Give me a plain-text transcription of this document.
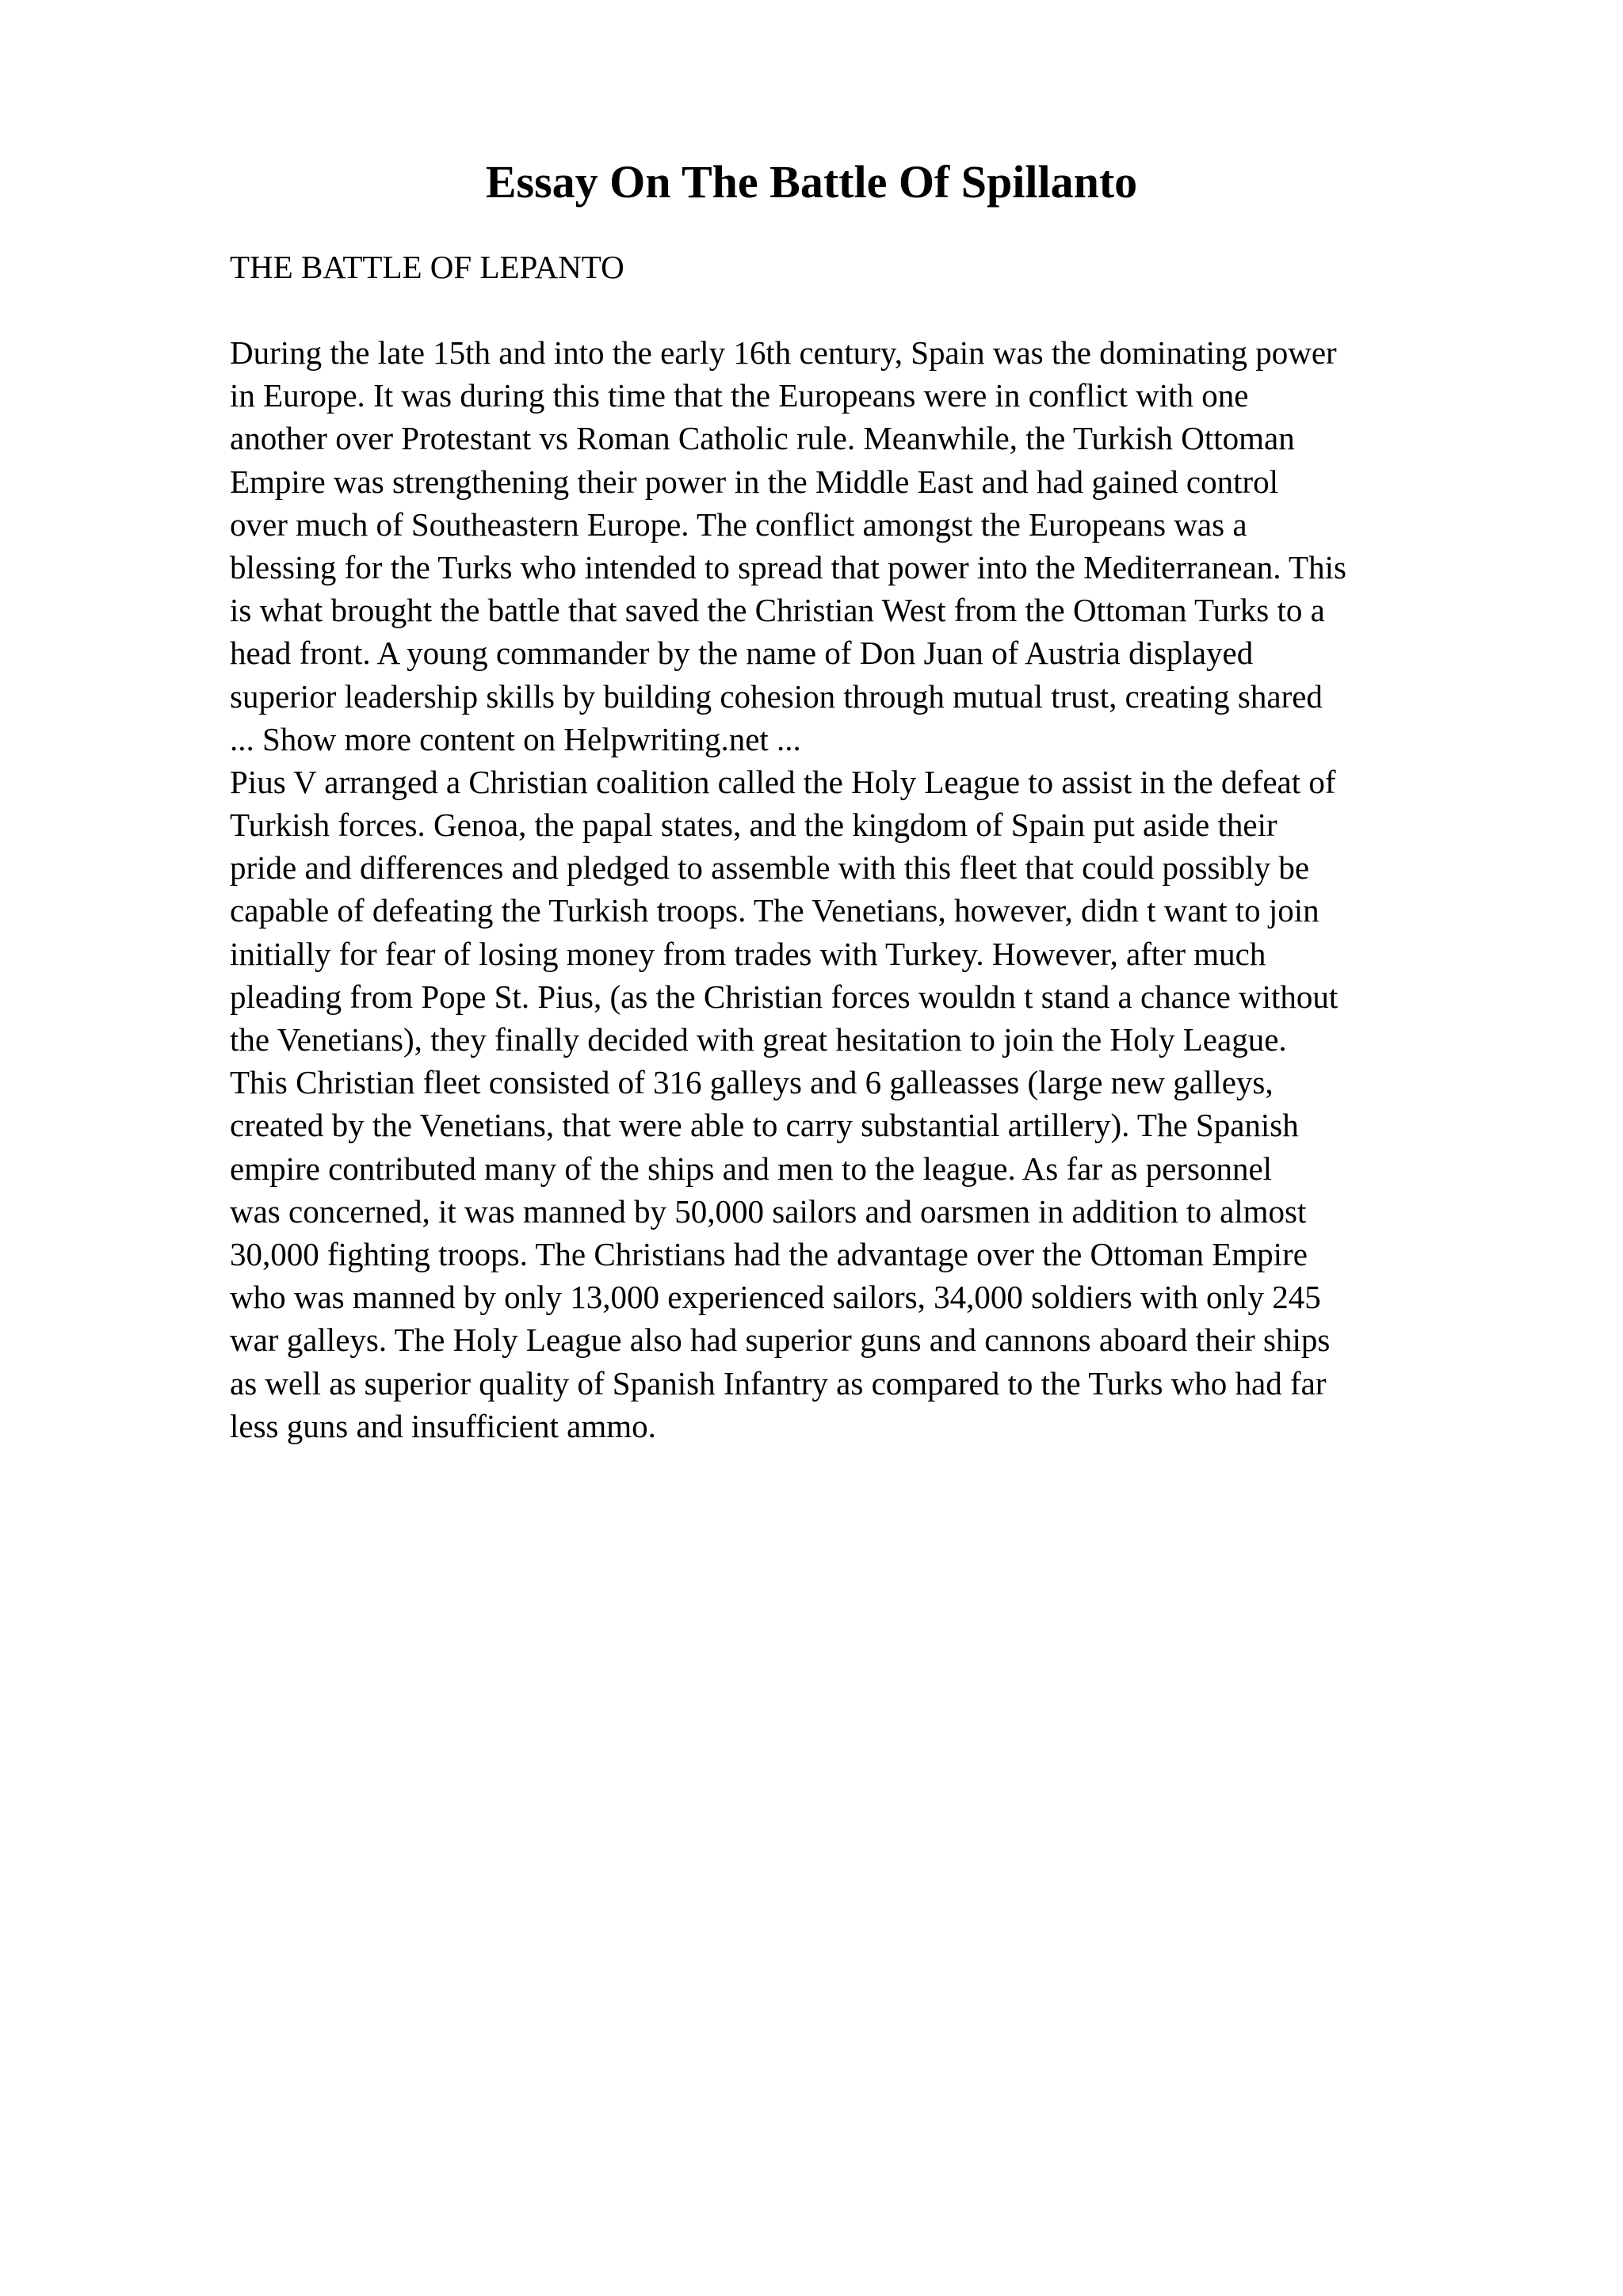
Essay On The Battle Of Spillanto

THE BATTLE OF LEPANTO

During the late 15th and into the early 16th century, Spain was the dominating power
in Europe. It was during this time that the Europeans were in conflict with one
another over Protestant vs Roman Catholic rule. Meanwhile, the Turkish Ottoman
Empire was strengthening their power in the Middle East and had gained control
over much of Southeastern Europe. The conflict amongst the Europeans was a
blessing for the Turks who intended to spread that power into the Mediterranean. This
is what brought the battle that saved the Christian West from the Ottoman Turks to a
head front. A young commander by the name of Don Juan of Austria displayed
superior leadership skills by building cohesion through mutual trust, creating shared
... Show more content on Helpwriting.net ...
Pius V arranged a Christian coalition called the Holy League to assist in the defeat of
Turkish forces. Genoa, the papal states, and the kingdom of Spain put aside their
pride and differences and pledged to assemble with this fleet that could possibly be
capable of defeating the Turkish troops. The Venetians, however, didn t want to join
initially for fear of losing money from trades with Turkey. However, after much
pleading from Pope St. Pius, (as the Christian forces wouldn t stand a chance without
the Venetians), they finally decided with great hesitation to join the Holy League.
This Christian fleet consisted of 316 galleys and 6 galleasses (large new galleys,
created by the Venetians, that were able to carry substantial artillery). The Spanish
empire contributed many of the ships and men to the league. As far as personnel
was concerned, it was manned by 50,000 sailors and oarsmen in addition to almost
30,000 fighting troops. The Christians had the advantage over the Ottoman Empire
who was manned by only 13,000 experienced sailors, 34,000 soldiers with only 245
war galleys. The Holy League also had superior guns and cannons aboard their ships
as well as superior quality of Spanish Infantry as compared to the Turks who had far
less guns and insufficient ammo.
